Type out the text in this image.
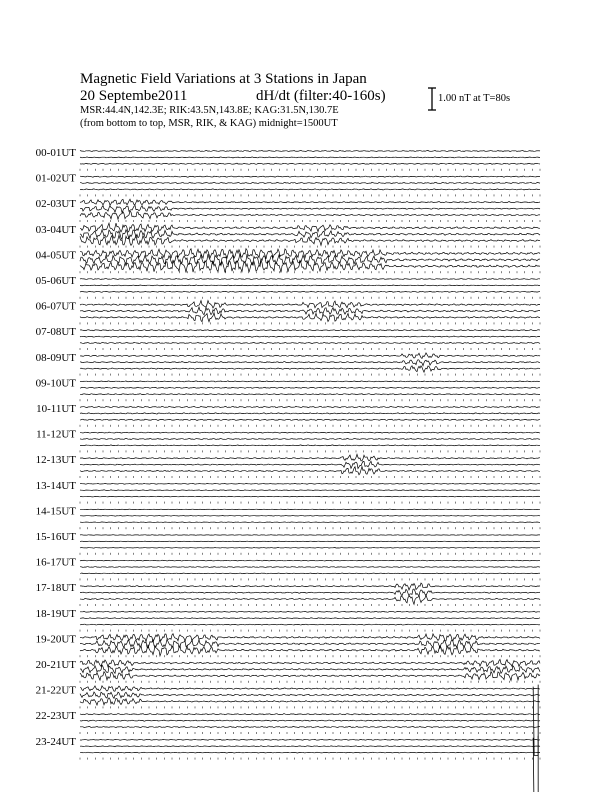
00-01UT
01-02UT
02-03UT
03-04UT
04-05UT
05-06UT
06-07UT
07-08UT
08-09UT
09-10UT
10-11UT
11-12UT
12-13UT
13-14UT
14-15UT
15-16UT
16-17UT
17-18UT
18-19UT
19-20UT
20-21UT
21-22UT
22-23UT
23-24UT
Magnetic Field Variations at 3 Stations in Japan
20 Septembe2011	dH/dt (filter:40-160s)
MSR:44.4N,142.3E; RIK:43.5N,143.8E; KAG:31.5N,130.7E
(from bottom to top, MSR, RIK, & KAG) midnight=1500UT
1.00 nT at T=80s
